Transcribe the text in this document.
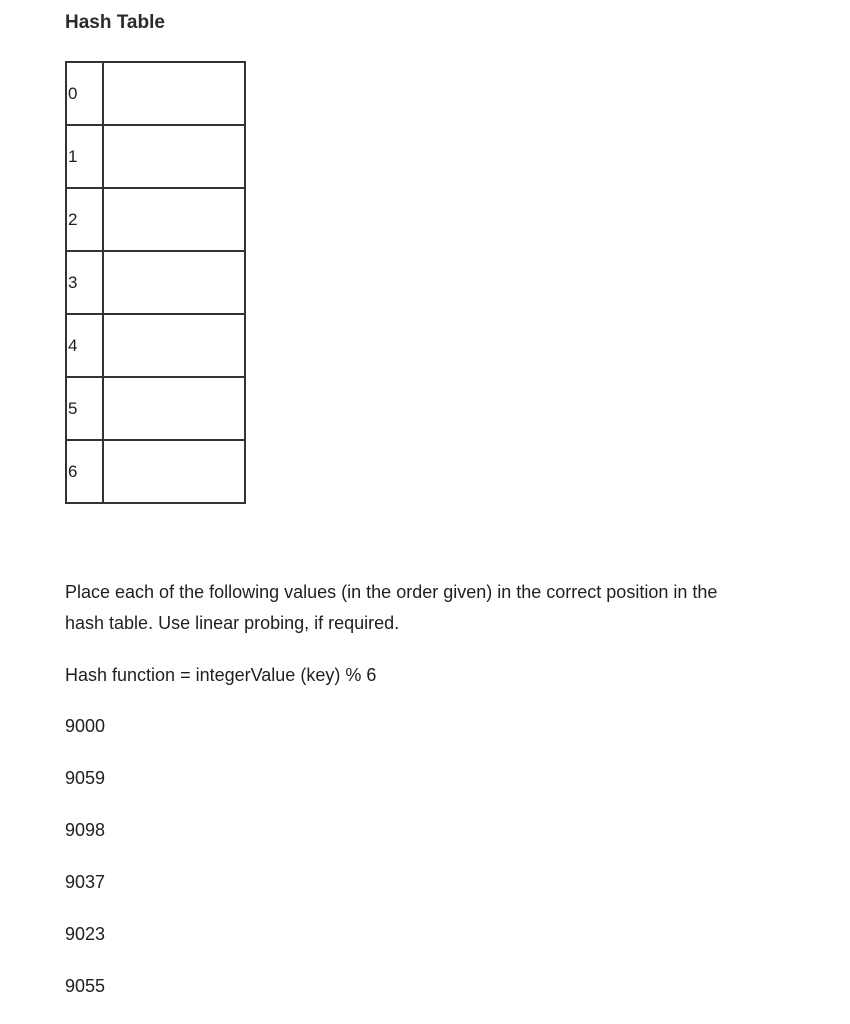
Hash Table
0	
1	
2	
3	
4	
5	
6	

Place each of the following values (in the order given) in the correct position in the
hash table. Use linear probing, if required.

Hash function = integerValue (key) % 6
9000
9059
9098
9037
9023
9055
